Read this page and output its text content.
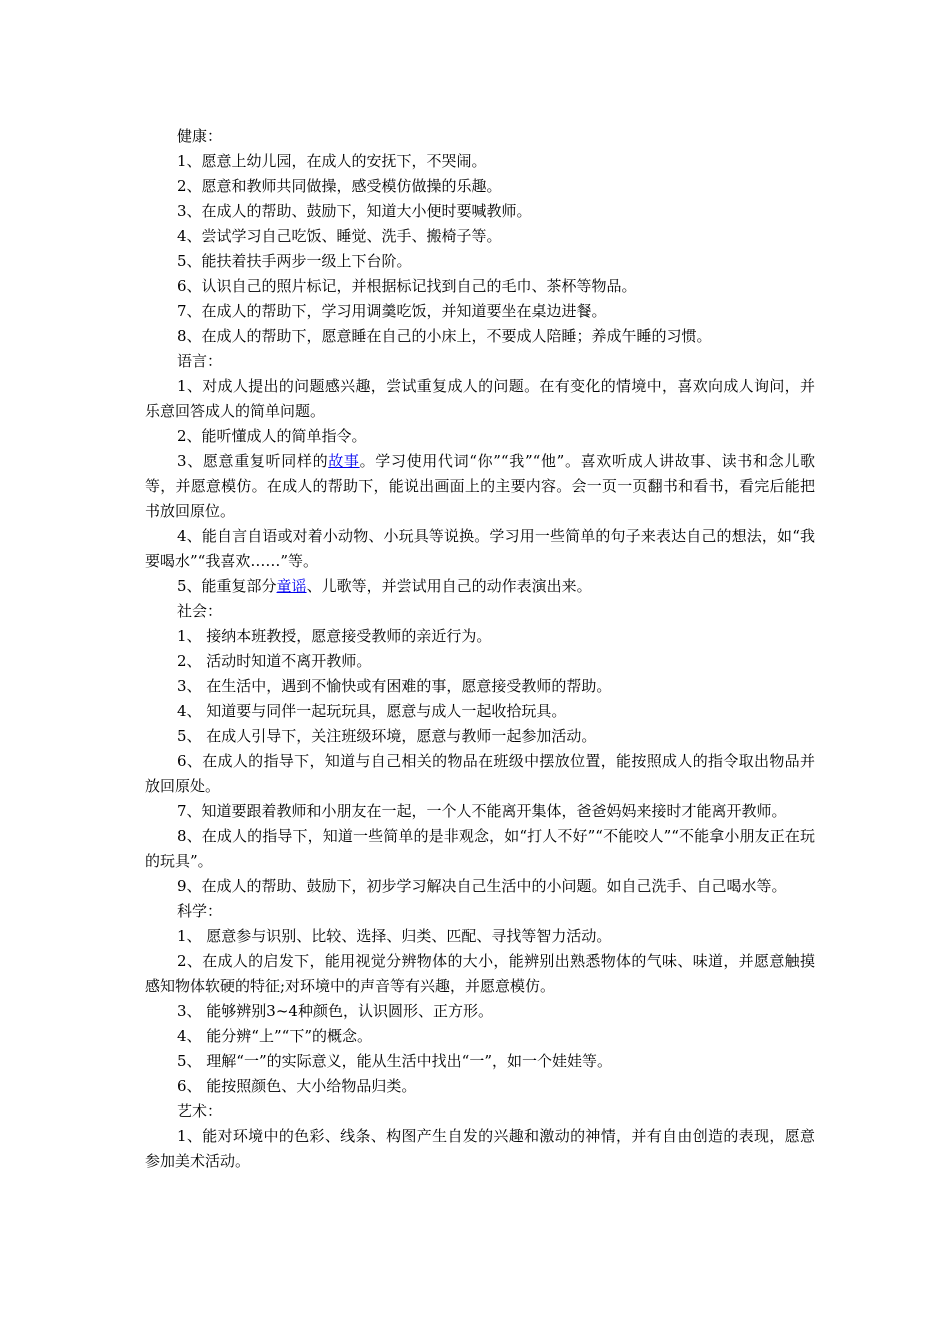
健康：

1、愿意上幼儿园，在成人的安抚下，不哭闹。

2、愿意和教师共同做操，感受模仿做操的乐趣。

3、在成人的帮助、鼓励下，知道大小便时要喊教师。

4、尝试学习自己吃饭、睡觉、洗手、搬椅子等。

5、能扶着扶手两步一级上下台阶。

6、认识自己的照片标记，并根据标记找到自己的毛巾、茶杯等物品。

7、在成人的帮助下，学习用调羹吃饭，并知道要坐在桌边进餐。

8、在成人的帮助下，愿意睡在自己的小床上，不要成人陪睡；养成午睡的习惯。

语言：

1、对成人提出的问题感兴趣，尝试重复成人的问题。在有变化的情境中，喜欢向成人询问，并乐意回答成人的简单问题。

2、能听懂成人的简单指令。

3、愿意重复听同样的故事。学习使用代词“你”“我”“他”。喜欢听成人讲故事、读书和念儿歌等，并愿意模仿。在成人的帮助下，能说出画面上的主要内容。会一页一页翻书和看书，看完后能把书放回原位。

4、能自言自语或对着小动物、小玩具等说换。学习用一些简单的句子来表达自己的想法，如“我要喝水”“我喜欢……”等。

5、能重复部分童谣、儿歌等，并尝试用自己的动作表演出来。

社会：

1、 接纳本班教授，愿意接受教师的亲近行为。

2、 活动时知道不离开教师。

3、 在生活中，遇到不愉快或有困难的事，愿意接受教师的帮助。

4、 知道要与同伴一起玩玩具，愿意与成人一起收拾玩具。

5、 在成人引导下，关注班级环境，愿意与教师一起参加活动。

6、在成人的指导下，知道与自己相关的物品在班级中摆放位置，能按照成人的指令取出物品并放回原处。

7、知道要跟着教师和小朋友在一起，一个人不能离开集体，爸爸妈妈来接时才能离开教师。

8、在成人的指导下，知道一些简单的是非观念，如“打人不好”“不能咬人”“不能拿小朋友正在玩的玩具”。

9、在成人的帮助、鼓励下，初步学习解决自己生活中的小问题。如自己洗手、自己喝水等。

科学：

1、 愿意参与识别、比较、选择、归类、匹配、寻找等智力活动。

2、在成人的启发下，能用视觉分辨物体的大小，能辨别出熟悉物体的气味、味道，并愿意触摸感知物体软硬的特征;对环境中的声音等有兴趣，并愿意模仿。

3、 能够辨别3~4种颜色，认识圆形、正方形。

4、 能分辨“上”“下”的概念。

5、 理解“一”的实际意义，能从生活中找出“一”，如一个娃娃等。

6、 能按照颜色、大小给物品归类。

艺术：

1、能对环境中的色彩、线条、构图产生自发的兴趣和激动的神情，并有自由创造的表现，愿意参加美术活动。
